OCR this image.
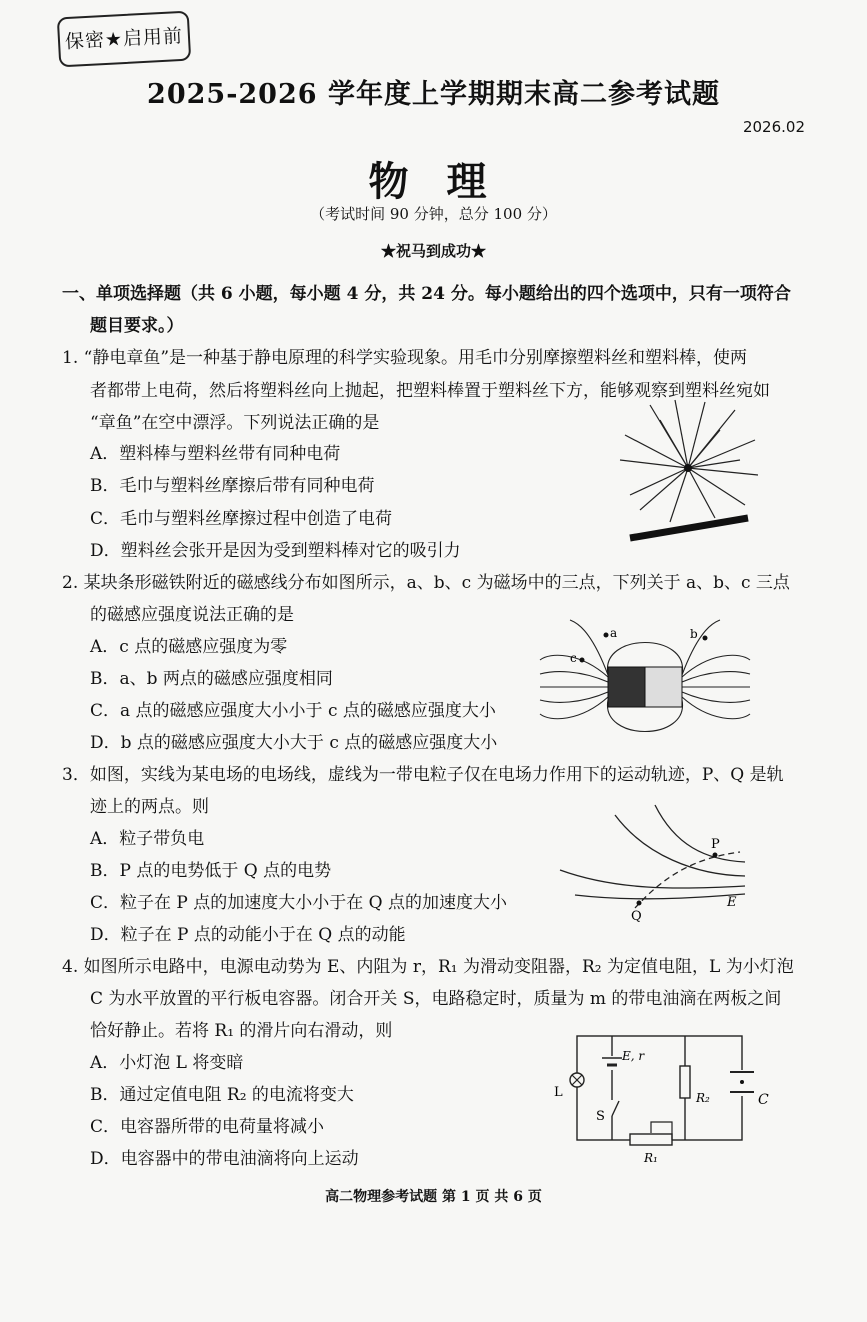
保密★启用前
2025-2026 学年度上学期期末高二参考试题
2026.02
物 理
（考试时间 90 分钟，总分 100 分）
★祝马到成功★
一、单项选择题（共 6 小题，每小题 4 分，共 24 分。每小题给出的四个选项中，只有一项符合
题目要求。）
1. “静电章鱼”是一种基于静电原理的科学实验现象。用毛巾分别摩擦塑料丝和塑料棒，使两
者都带上电荷，然后将塑料丝向上抛起，把塑料棒置于塑料丝下方，能够观察到塑料丝宛如
“章鱼”在空中漂浮。下列说法正确的是
A．塑料棒与塑料丝带有同种电荷
B．毛巾与塑料丝摩擦后带有同种电荷
C．毛巾与塑料丝摩擦过程中创造了电荷
D．塑料丝会张开是因为受到塑料棒对它的吸引力
2. 某块条形磁铁附近的磁感线分布如图所示，a、b、c 为磁场中的三点，下列关于 a、b、c 三点
的磁感应强度说法正确的是
A．c 点的磁感应强度为零
B．a、b 两点的磁感应强度相同
C．a 点的磁感应强度大小小于 c 点的磁感应强度大小
D．b 点的磁感应强度大小大于 c 点的磁感应强度大小
a	b
c
3．如图，实线为某电场的电场线，虚线为一带电粒子仅在电场力作用下的运动轨迹，P、Q 是轨
迹上的两点。则
A．粒子带负电
B．P 点的电势低于 Q 点的电势
C．粒子在 P 点的加速度大小小于在 Q 点的加速度大小
D．粒子在 P 点的动能小于在 Q 点的动能
P
Q
E
4. 如图所示电路中，电源电动势为 E、内阻为 r，R₁ 为滑动变阻器，R₂ 为定值电阻，L 为小灯泡
C 为水平放置的平行板电容器。闭合开关 S，电路稳定时，质量为 m 的带电油滴在两板之间
恰好静止。若将 R₁ 的滑片向右滑动，则
A．小灯泡 L 将变暗
B．通过定值电阻 R₂ 的电流将变大
C．电容器所带的电荷量将减小
D．电容器中的带电油滴将向上运动
L
E, r
S
R₂	C
R₁
高二物理参考试题 第 1 页 共 6 页
